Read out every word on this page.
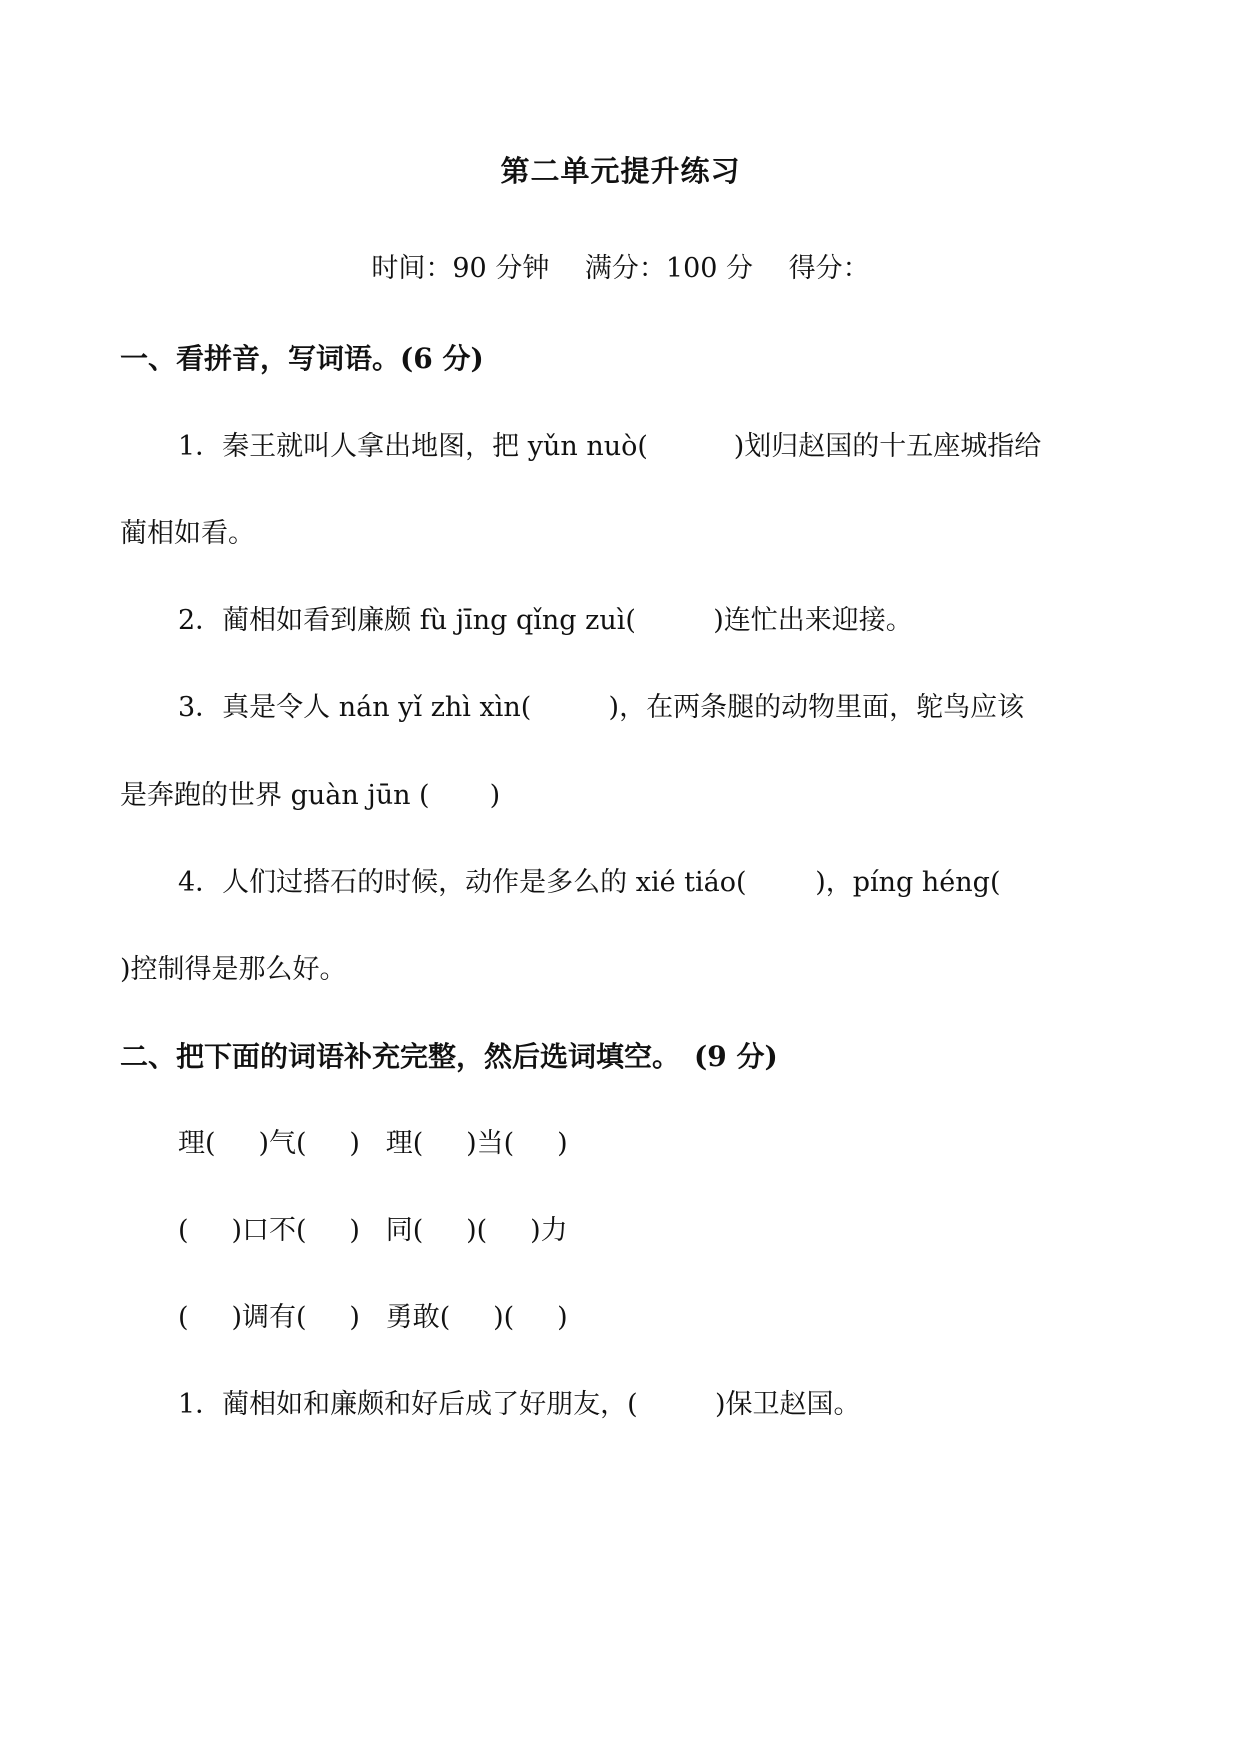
第二单元提升练习
时间：90 分钟　 满分：100 分　 得分：
一、看拼音，写词语。(6 分)
1．秦王就叫人拿出地图，把 yǔn nuò(          )划归赵国的十五座城指给
蔺相如看。
2．蔺相如看到廉颇 fù jīng qǐng zuì(         )连忙出来迎接。
3．真是令人 nán yǐ zhì xìn(         )，在两条腿的动物里面，鸵鸟应该
是奔跑的世界 guàn jūn (       )
4．人们过搭石的时候，动作是多么的 xié tiáo(        )，píng héng(
)控制得是那么好。
二、把下面的词语补充完整，然后选词填空。　(9 分)
理(     )气(     )   理(     )当(     )
(     )口不(     )   同(     )(     )力
(     )调有(     )   勇敢(     )(     )
1．蔺相如和廉颇和好后成了好朋友，(         )保卫赵国。
